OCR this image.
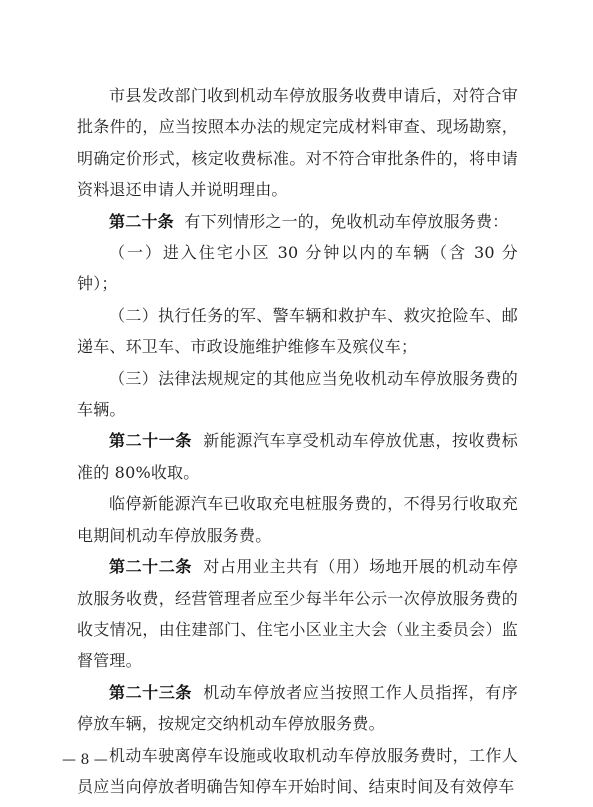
市县发改部门收到机动车停放服务收费申请后，对符合审批条件的，应当按照本办法的规定完成材料审查、现场勘察，明确定价形式，核定收费标准。对不符合审批条件的，将申请资料退还申请人并说明理由。

第二十条 有下列情形之一的，免收机动车停放服务费：

（一）进入住宅小区 30 分钟以内的车辆（含 30 分钟）；

（二）执行任务的军、警车辆和救护车、救灾抢险车、邮递车、环卫车、市政设施维护维修车及殡仪车；

（三）法律法规规定的其他应当免收机动车停放服务费的车辆。

第二十一条 新能源汽车享受机动车停放优惠，按收费标准的 80%收取。

临停新能源汽车已收取充电桩服务费的，不得另行收取充电期间机动车停放服务费。

第二十二条 对占用业主共有（用）场地开展的机动车停放服务收费，经营管理者应至少每半年公示一次停放服务费的收支情况，由住建部门、住宅小区业主大会（业主委员会）监督管理。

第二十三条 机动车停放者应当按照工作人员指挥，有序停放车辆，按规定交纳机动车停放服务费。

机动车驶离停车设施或收取机动车停放服务费时，工作人员应当向停放者明确告知停车开始时间、结束时间及有效停车

— 8 —
